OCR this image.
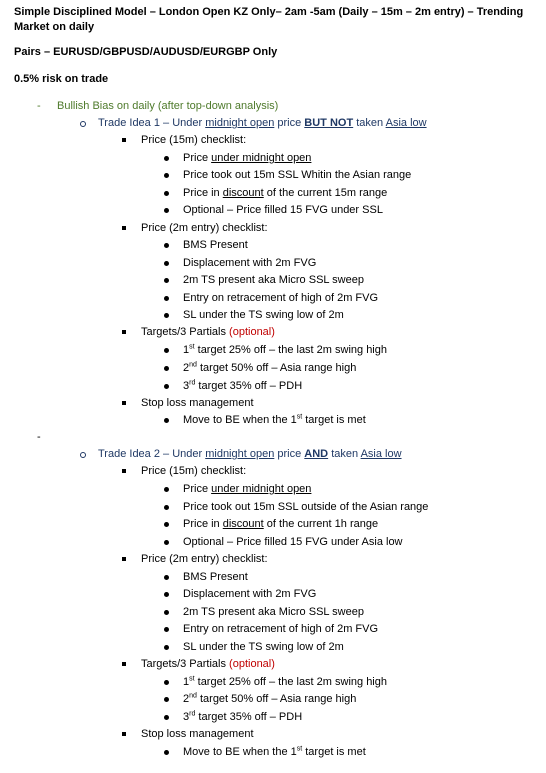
Simple Disciplined Model – London Open KZ Only– 2am -5am (Daily – 15m – 2m entry) – Trending
Market on daily
Pairs – EURUSD/GBPUSD/AUDUSD/EURGBP Only
0.5% risk on trade
- Bullish Bias on daily (after top-down analysis)
Trade Idea 1 – Under midnight open price BUT NOT taken Asia low
Price (15m) checklist:
Price under midnight open
Price took out 15m SSL Whitin the Asian range
Price in discount of the current 15m range
Optional – Price filled 15 FVG under SSL
Price (2m entry) checklist:
BMS Present
Displacement with 2m FVG
2m TS present aka Micro SSL sweep
Entry on retracement of high of 2m FVG
SL under the TS swing low of 2m
Targets/3 Partials (optional)
1st target 25% off – the last 2m swing high
2nd target 50% off – Asia range high
3rd target 35% off – PDH
Stop loss management
Move to BE when the 1st target is met
-
Trade Idea 2 – Under midnight open price AND taken Asia low
Price (15m) checklist:
Price under midnight open
Price took out 15m SSL outside of the Asian range
Price in discount of the current 1h range
Optional – Price filled 15 FVG under Asia low
Price (2m entry) checklist:
BMS Present
Displacement with 2m FVG
2m TS present aka Micro SSL sweep
Entry on retracement of high of 2m FVG
SL under the TS swing low of 2m
Targets/3 Partials (optional)
1st target 25% off – the last 2m swing high
2nd target 50% off – Asia range high
3rd target 35% off – PDH
Stop loss management
Move to BE when the 1st target is met
